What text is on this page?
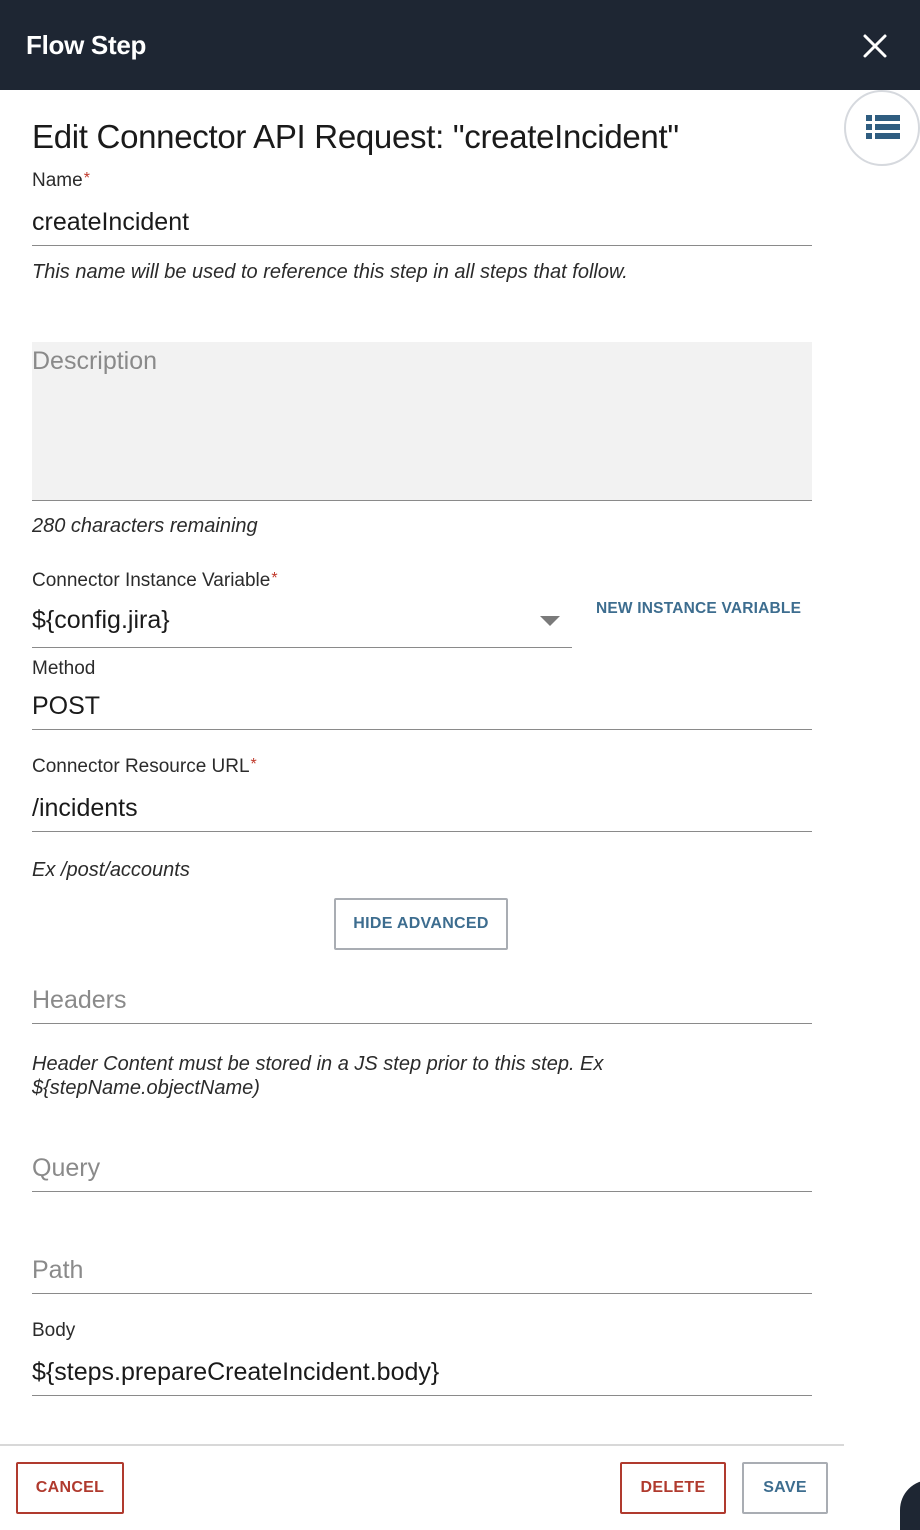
Flow Step
Edit Connector API Request: "createIncident"
Name*
createIncident
This name will be used to reference this step in all steps that follow.
Description
280 characters remaining
Connector Instance Variable*
${config.jira}	NEW INSTANCE VARIABLE
Method
POST
Connector Resource URL*
/incidents
Ex /post/accounts
HIDE ADVANCED
Headers
Header Content must be stored in a JS step prior to this step. Ex
${stepName.objectName)
Query
Path
Body
${steps.prepareCreateIncident.body}
CANCEL	DELETE	SAVE
